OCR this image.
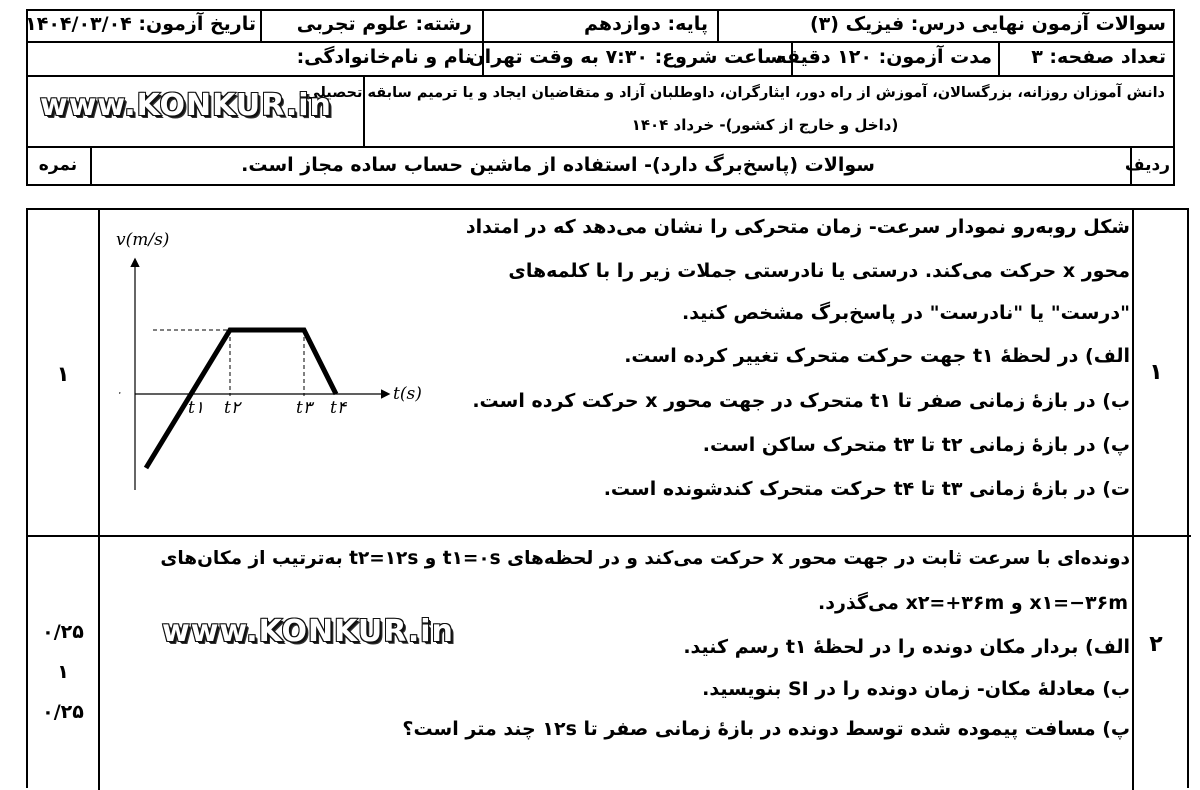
سوالات آزمون نهایی درس: فیزیک (۳)
پایه: دوازدهم
رشته: علوم تجربی
تاریخ آزمون: ۱۴۰۴/۰۳/۰۴
تعداد صفحه: ۳
مدت آزمون: ۱۲۰ دقیقه
ساعت شروع: ۷:۳۰ به وقت تهران
نام و نام‌خانوادگی:
دانش آموزان روزانه، بزرگسالان، آموزش از راه دور، ایثارگران، داوطلبان آزاد و متقاضیان ایجاد و یا ترمیم سابقه تحصیلی
(داخل و خارج از کشور)- خرداد ۱۴۰۴
www.KONKUR.in
ردیف
سوالات (پاسخ‌برگ دارد)- استفاده از ماشین حساب ساده مجاز است.
نمره
۱
۱
شکل روبه‌رو نمودار سرعت- زمان متحرکی را نشان می‌دهد که در امتداد
محور x حرکت می‌کند. درستی یا نادرستی جملات زیر را با کلمه‌های
"درست" یا "نادرست" در پاسخ‌برگ مشخص کنید.
الف) در لحظهٔ t۱ جهت حرکت متحرک تغییر کرده است.
ب) در بازهٔ زمانی صفر تا t۱ متحرک در جهت محور x حرکت کرده است.
پ) در بازهٔ زمانی t۲ تا t۳ متحرک ساکن است.
ت) در بازهٔ زمانی t۳ تا t۴ حرکت متحرک کندشونده است.
v(m/s)
t(s)
۰
t۱ t۲	t۳ t۴
۲
۰/۲۵
۱
۰/۲۵
دونده‌ای با سرعت ثابت در جهت محور x حرکت می‌کند و در لحظه‌های t۱=۰s و t۲=۱۲s به‌ترتیب از مکان‌های
x۱=−۳۶m و x۲=+۳۶m می‌گذرد.
الف) بردار مکان دونده را در لحظهٔ t۱ رسم کنید.
ب) معادلهٔ مکان- زمان دونده را در SI بنویسید.
پ) مسافت پیموده شده توسط دونده در بازهٔ زمانی صفر تا ۱۲s چند متر است؟
www.KONKUR.in
